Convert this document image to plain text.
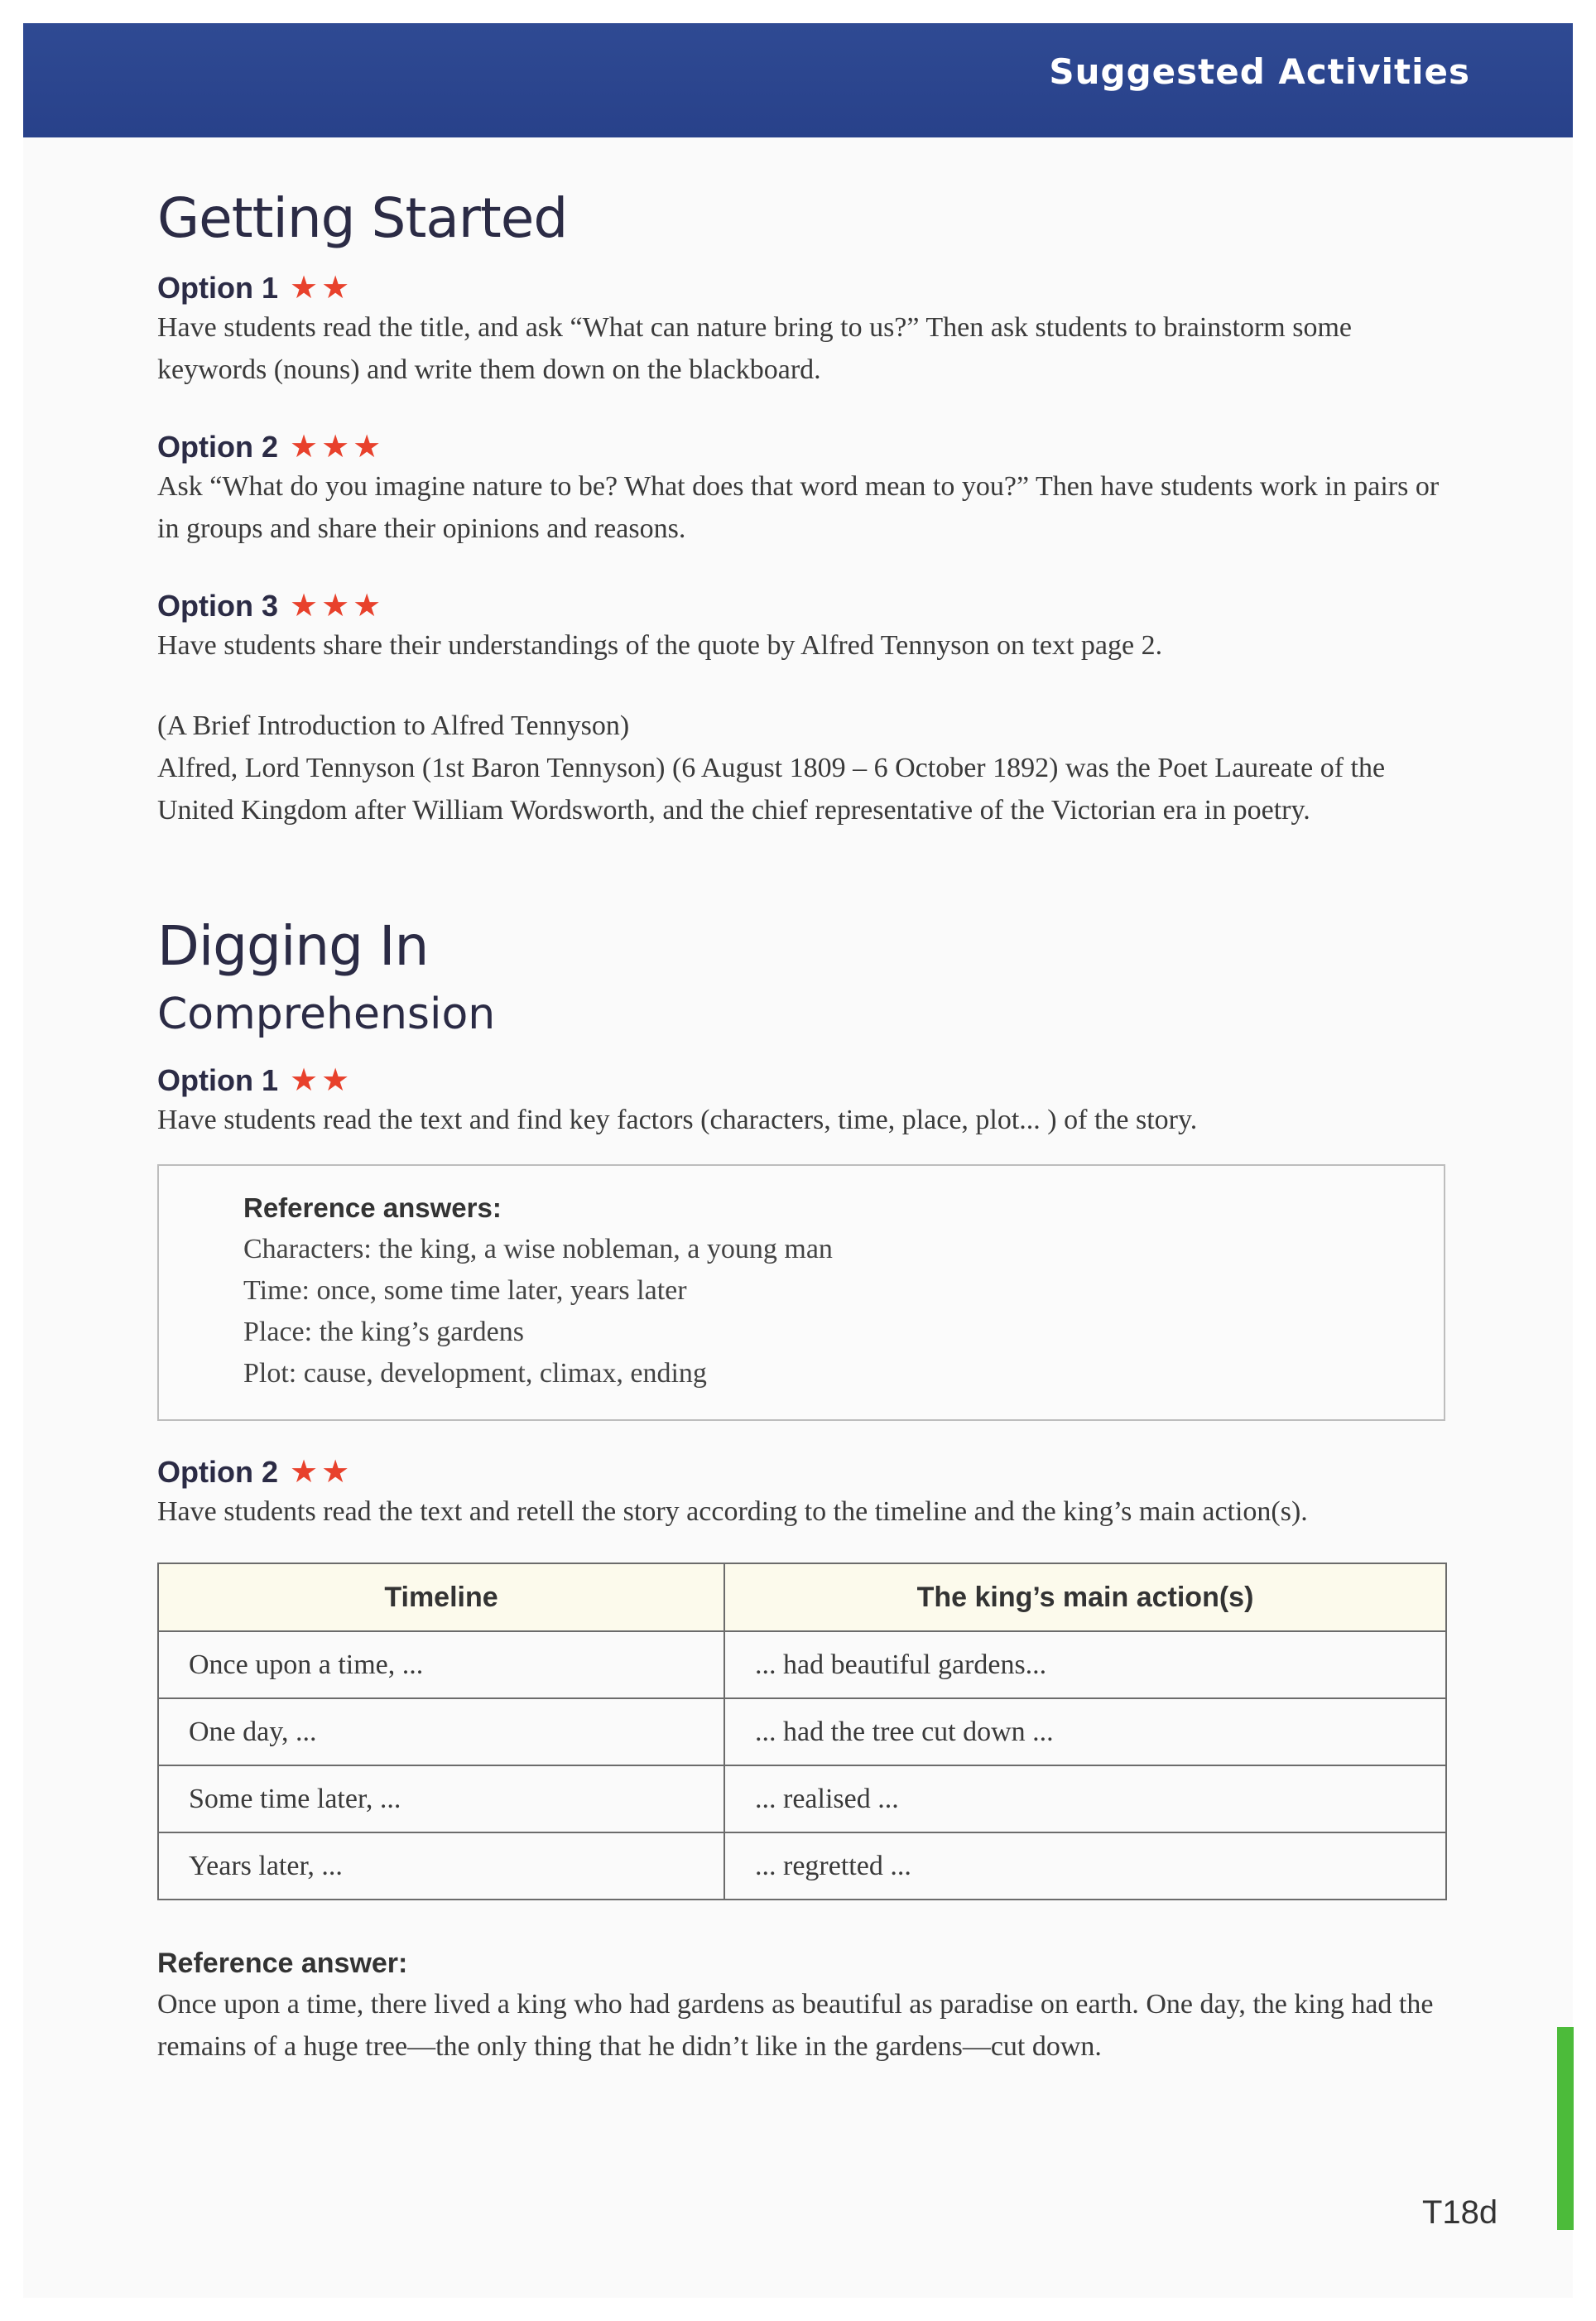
Suggested Activities
Getting Started
Option 1 ★★

Have students read the title, and ask “What can nature bring to us?” Then ask students to brainstorm some keywords (nouns) and write them down on the blackboard.

Option 2 ★★★

Ask “What do you imagine nature to be? What does that word mean to you?” Then have students work in pairs or in groups and share their opinions and reasons.

Option 3 ★★★

Have students share their understandings of the quote by Alfred Tennyson on text page 2.

(A Brief Introduction to Alfred Tennyson)

Alfred, Lord Tennyson (1st Baron Tennyson) (6 August 1809 – 6 October 1892) was the Poet Laureate of the United Kingdom after William Wordsworth, and the chief representative of the Victorian era in poetry.

Digging In
Comprehension
Option 1 ★★

Have students read the text and find key factors (characters, time, place, plot... ) of the story.

Reference answers:
Characters: the king, a wise nobleman, a young man
Time: once, some time later, years later
Place: the king’s gardens
Plot: cause, development, climax, ending
Option 2 ★★

Have students read the text and retell the story according to the timeline and the king’s main action(s).

Timeline	The king’s main action(s)
Once upon a time, ...	... had beautiful gardens...
One day, ...	... had the tree cut down ...
Some time later, ...	... realised ...
Years later, ...	... regretted ...
Reference answer:

Once upon a time, there lived a king who had gardens as beautiful as paradise on earth. One day, the king had the remains of a huge tree—the only thing that he didn’t like in the gardens—cut down.

T18d
